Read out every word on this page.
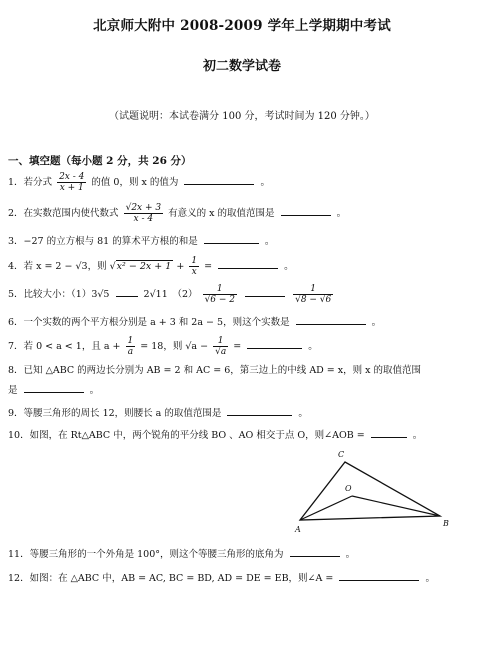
北京师大附中 2008-2009 学年上学期期中考试
初二数学试卷
（试题说明：本试卷满分 100 分，考试时间为 120 分钟。）
一、填空题（每小题 2 分，共 26 分）
1．若分式 $\frac{2x - 4}{x + 1}$ 的值 0，则 x 的值为	。
2．在实数范围内使代数式 $\frac{√2x + 3}{x - 4}$ 有意义的 x 的取值范围是	。
3．−27 的立方根与 81 的算术平方根的和是	。
4．若 x = 2 − √3，则 $√x^2 - 2x + 1 + \frac{1}{x}$ =	。
5．比较大小：（1）3√5	2√11　$(2) \frac{1}{√6 - 2}$
	$\frac{1}{√8 - √6}$
6．一个实数的两个平方根分别是 a + 3 和 2a − 5，则这个实数是	。
7．若 0 < a < 1，且 $a + \frac{1}{a} = 18$，则 $√a - \frac{1}{√a}$ =	。
8．已知 △ABC 的两边长分别为 AB = 2 和 AC = 6，第三边上的中线 AD = x，则 x 的取值范围
是	。
9．等腰三角形的周长 12，则腰长 a 的取值范围是	。
10．如图，在 Rt△ABC 中，两个锐角的平分线 BO 、AO 相交于点 O，则∠AOB =	。
A
B
C
O
11．等腰三角形的一个外角是 100°，则这个等腰三角形的底角为	。
12．如图：在 △ABC 中，AB = AC, BC = BD, AD = DE = EB，则∠A =	。
